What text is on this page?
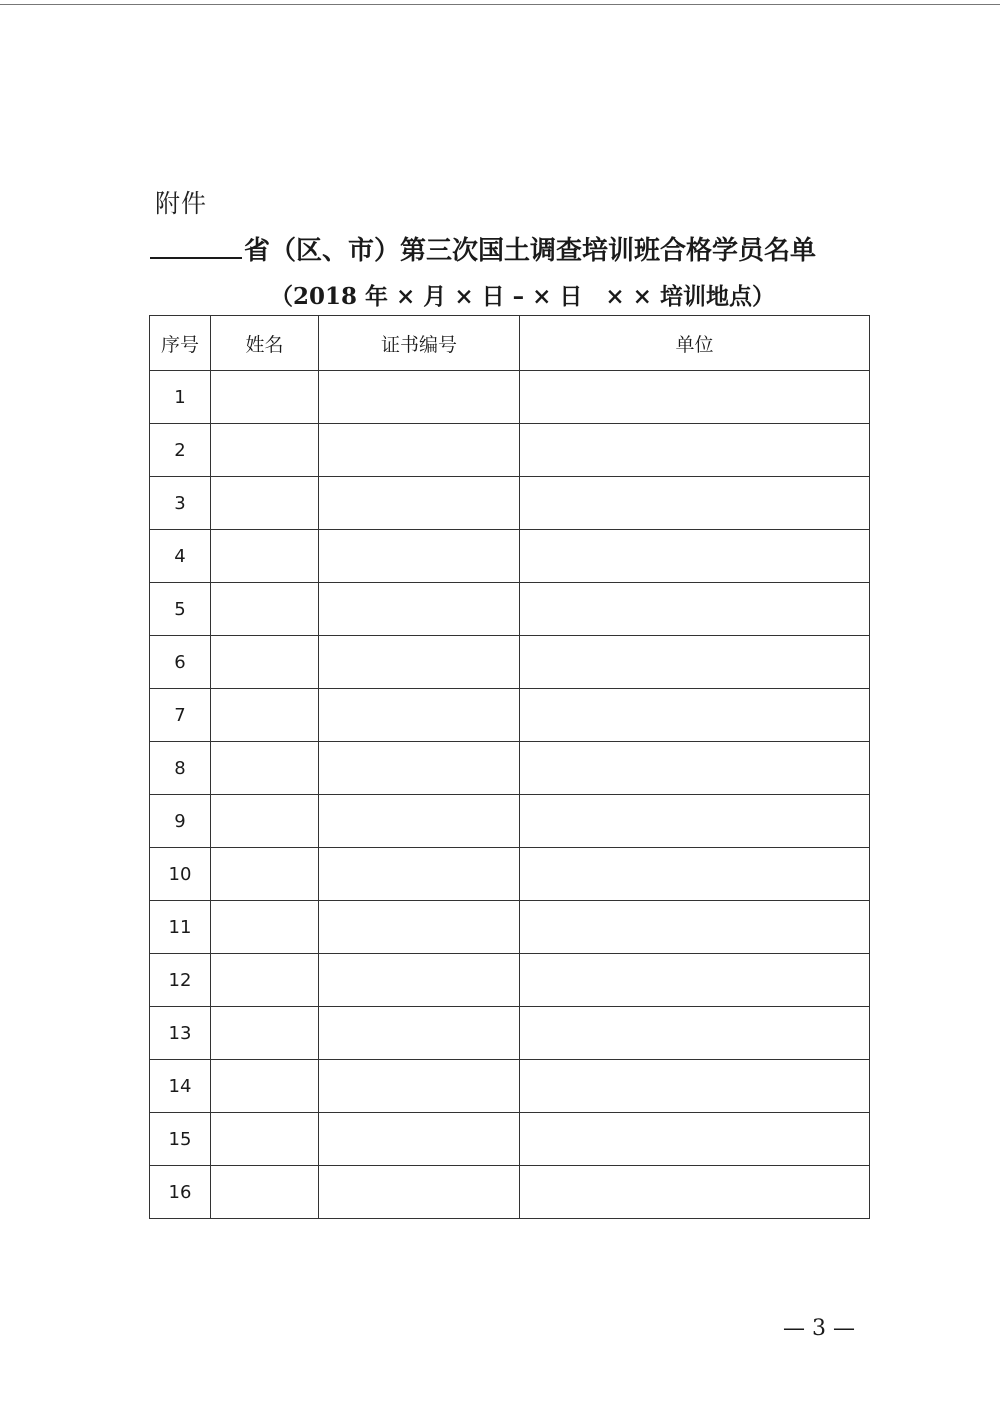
附件
省（区、市）第三次国土调查培训班合格学员名单
（2018 年 × 月 × 日 – × 日　× × 培训地点）
序号	姓名	证书编号	单位
1			
2			
3			
4			
5			
6			
7			
8			
9			
10			
11			
12			
13			
14			
15			
16			
— 3 —
